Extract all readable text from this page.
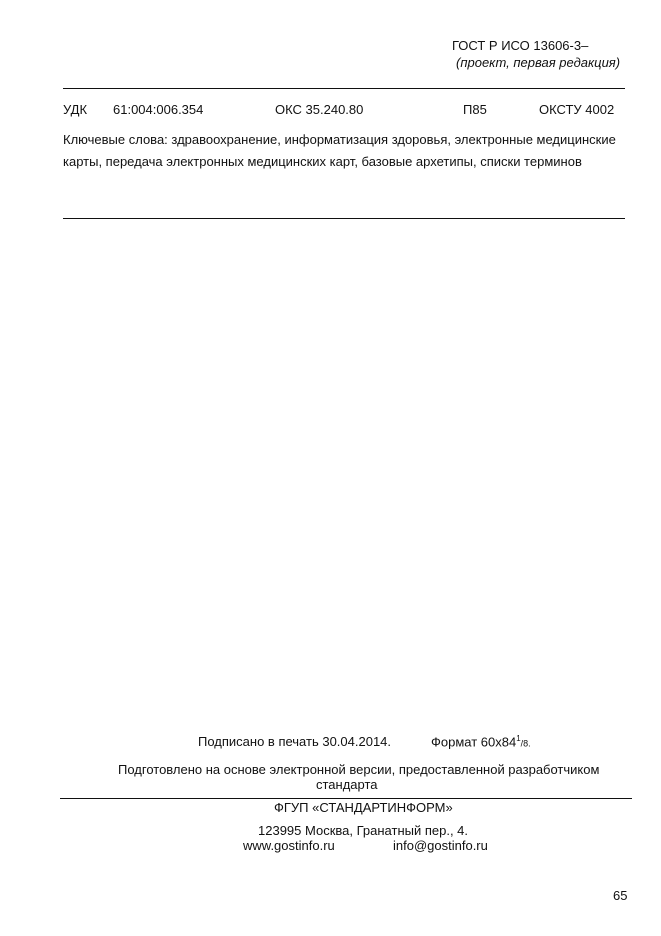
ГОСТ Р ИСО 13606-3–
(проект, первая редакция)
УДК 61:004:006.354	ОКС 35.240.80	П85	ОКСТУ 4002
Ключевые слова: здравоохранение, информатизация здоровья, электронные медицинские карты, передача электронных медицинских карт, базовые архетипы, списки терминов
Подписано в печать 30.04.2014.	Формат $60x84^1/8$.
Подготовлено на основе электронной версии, предоставленной разработчиком
стандарта
ФГУП «СТАНДАРТИНФОРМ»
123995 Москва, Гранатный пер., 4.
www.gostinfo.ru	info@gostinfo.ru
65
